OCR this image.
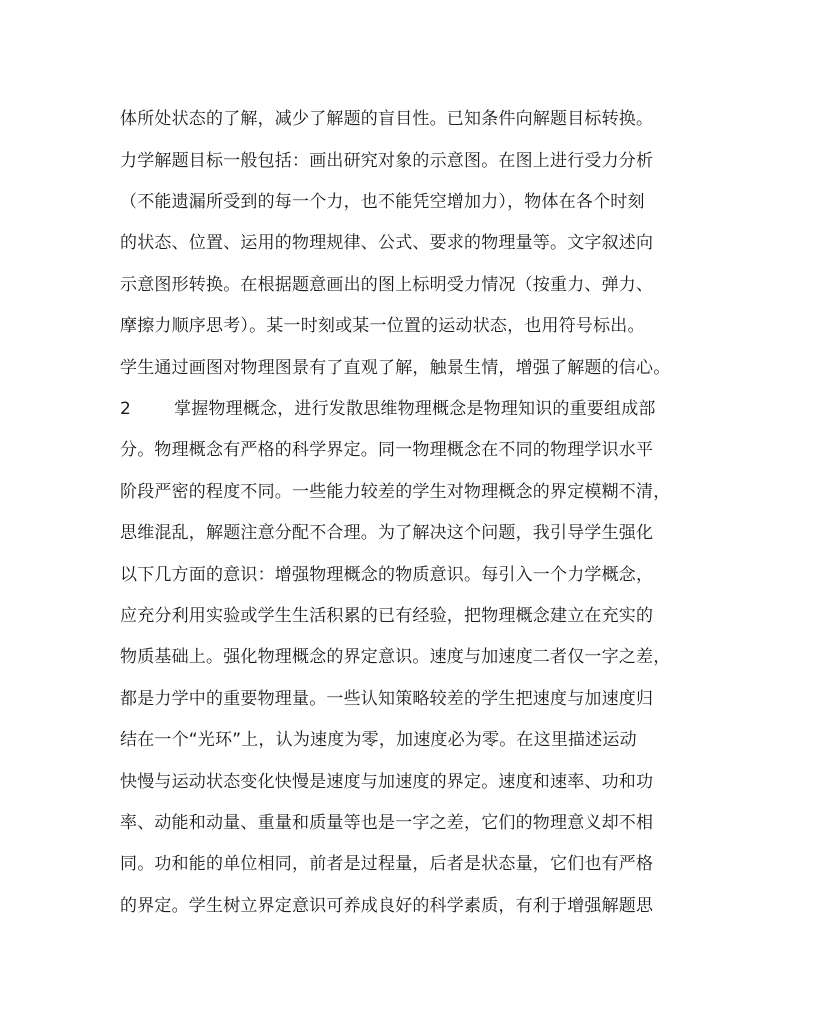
体所处状态的了解，减少了解题的盲目性。已知条件向解题目标转换。
力学解题目标一般包括：画出研究对象的示意图。在图上进行受力分析
（不能遗漏所受到的每一个力，也不能凭空增加力），物体在各个时刻
的状态、位置、运用的物理规律、公式、要求的物理量等。文字叙述向
示意图形转换。在根据题意画出的图上标明受力情况（按重力、弹力、
摩擦力顺序思考）。某一时刻或某一位置的运动状态，也用符号标出。
学生通过画图对物理图景有了直观了解，触景生情，增强了解题的信心。
2	掌握物理概念，进行发散思维物理概念是物理知识的重要组成部
分。物理概念有严格的科学界定。同一物理概念在不同的物理学识水平
阶段严密的程度不同。一些能力较差的学生对物理概念的界定模糊不清，
思维混乱，解题注意分配不合理。为了解决这个问题，我引导学生强化
以下几方面的意识：增强物理概念的物质意识。每引入一个力学概念，
应充分利用实验或学生生活积累的已有经验，把物理概念建立在充实的
物质基础上。强化物理概念的界定意识。速度与加速度二者仅一字之差，
都是力学中的重要物理量。一些认知策略较差的学生把速度与加速度归
结在一个“光环”上，认为速度为零，加速度必为零。在这里描述运动
快慢与运动状态变化快慢是速度与加速度的界定。速度和速率、功和功
率、动能和动量、重量和质量等也是一字之差，它们的物理意义却不相
同。功和能的单位相同，前者是过程量，后者是状态量，它们也有严格
的界定。学生树立界定意识可养成良好的科学素质，有利于增强解题思
